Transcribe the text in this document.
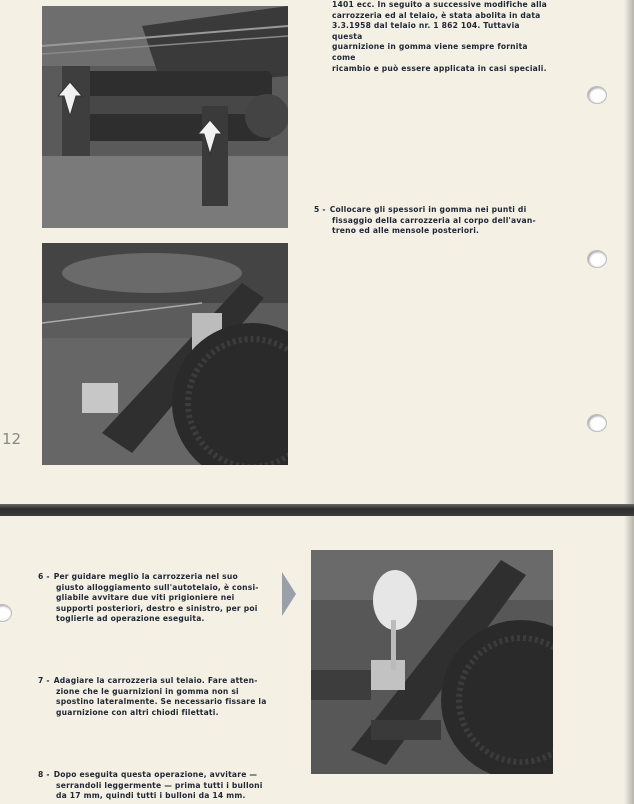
1401 ecc. In seguito a successive modifiche alla

carrozzeria ed al telaio, è stata abolita in data

3.3.1958 dal telaio nr. 1 862 104. Tuttavia questa

guarnizione in gomma viene sempre fornita come

ricambio e può essere applicata in casi speciali.

5 - Collocare gli spessori in gomma nei punti di

fissaggio della carrozzeria al corpo dell'avan-

treno ed alle mensole posteriori.

12

6 - Per guidare meglio la carrozzeria nel suo

giusto alloggiamento sull'autotelaio, è consi-

gliabile avvitare due viti prigioniere nei

supporti posteriori, destro e sinistro, per poi

toglierle ad operazione eseguita.

7 - Adagiare la carrozzeria sul telaio. Fare atten-

zione che le guarnizioni in gomma non si

spostino lateralmente. Se necessario fissare la

guarnizione con altri chiodi filettati.

8 - Dopo eseguita questa operazione, avvitare —

serrandoli leggermente — prima tutti i bulloni

da 17 mm, quindi tutti i bulloni da 14 mm.
